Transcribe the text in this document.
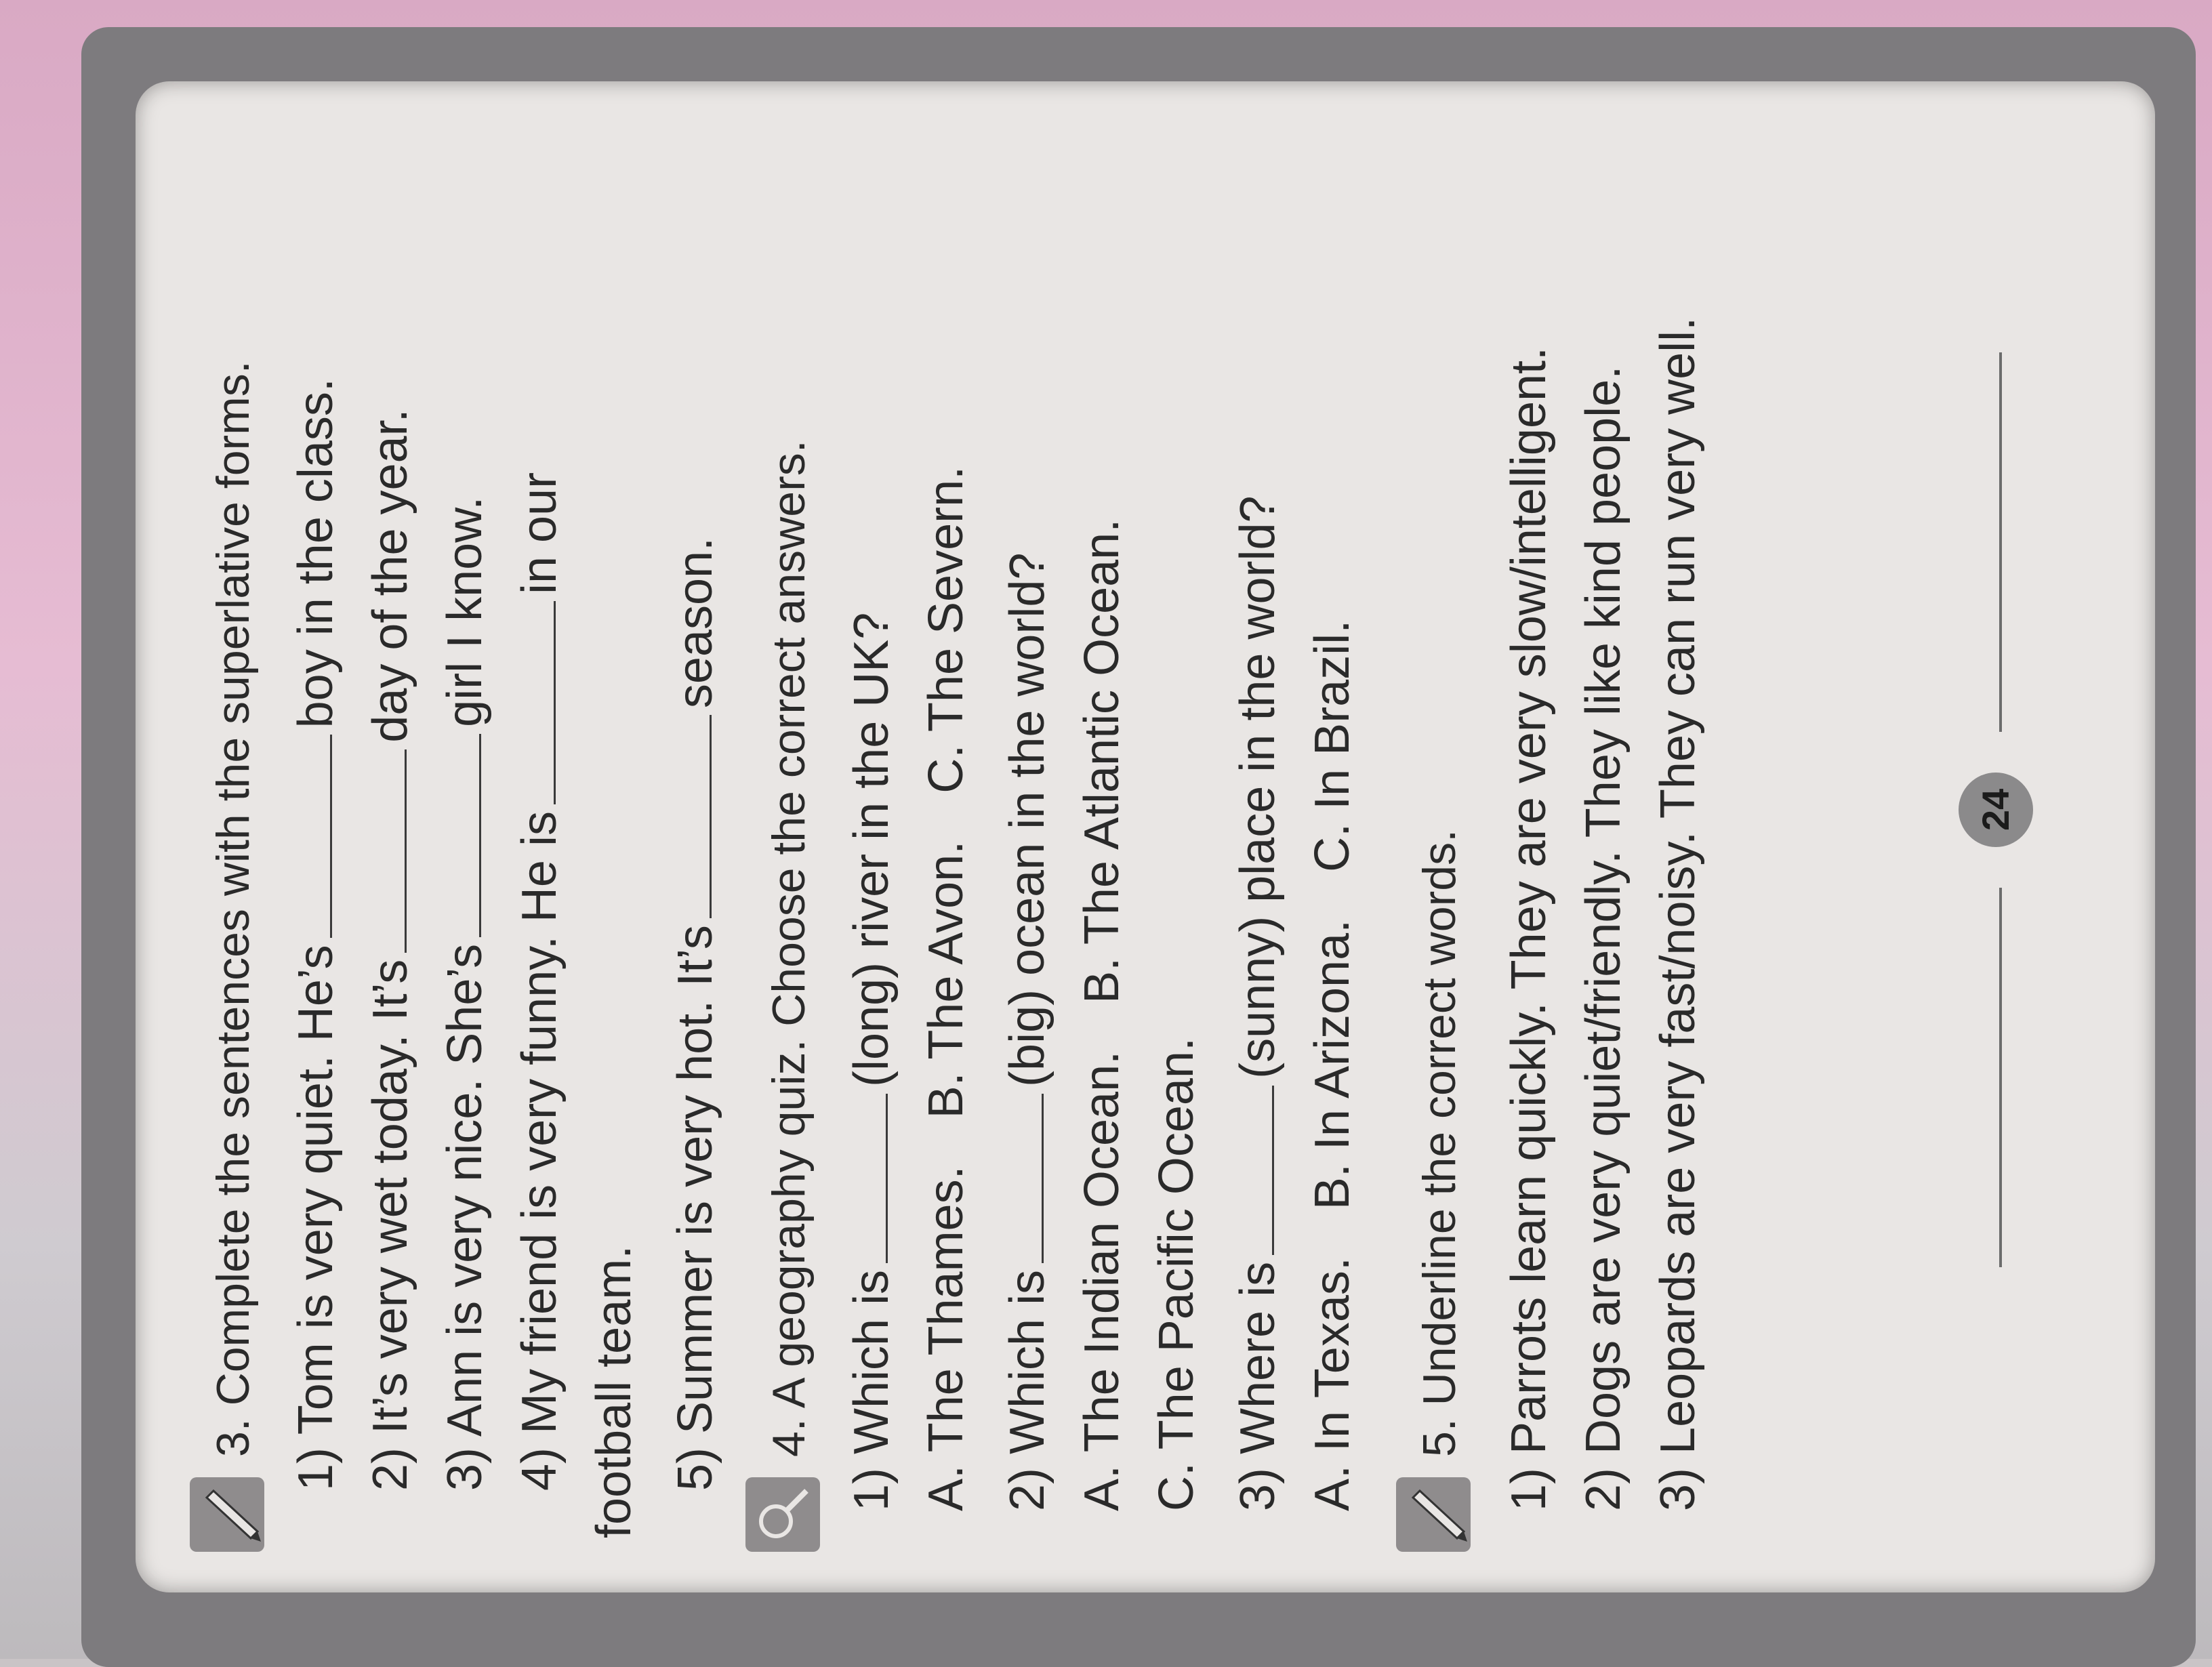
3. Complete the sentences with the superlative forms. 1) Tom is very quiet. He’sboy in the class.
2) It’s very wet today. It’sday of the year.
3) Ann is very nice. She’sgirl I know.
4) My friend is very funny. He isin our
football team. 5) Summer is very hot. It’sseason. 4. A geography quiz. Choose the correct answers. 1) Which is(long) river in the UK?
A. The Thames.B. The Avon.C. The Severn.
2) Which is(big) ocean in the world?
A. The Indian Ocean.B. The Atlantic Ocean.
C. The Pacific Ocean. 3) Where is(sunny) place in the world?
A. In Texas.B. In Arizona.C. In Brazil.
5. Underline the correct words. 1) Parrots learn quickly. They are very slow/intelligent. 2) Dogs are very quiet/friendly. They like kind people. 3) Leopards are very fast/noisy. They can run very well.	24
